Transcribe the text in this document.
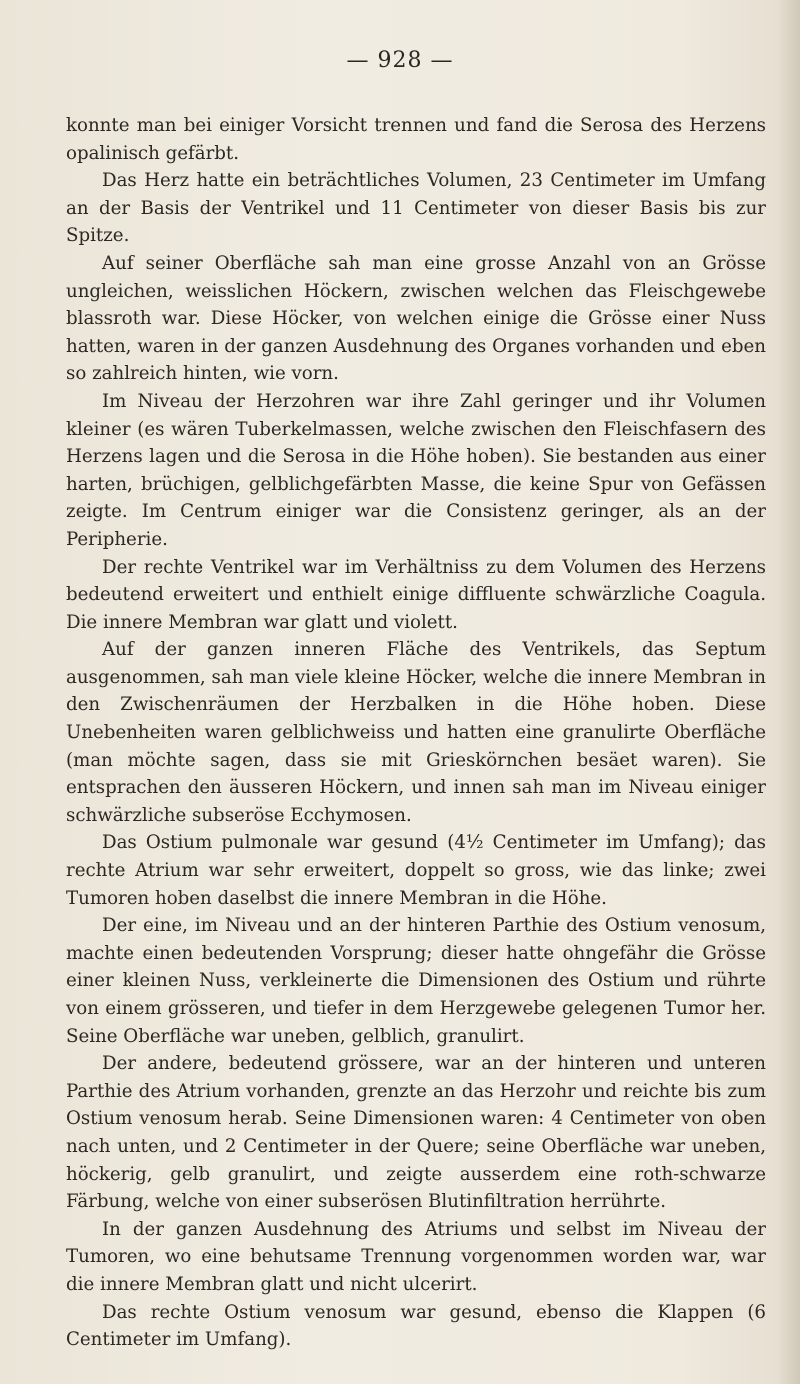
— 928 —

konnte man bei einiger Vorsicht trennen und fand die Serosa des Herzens opalinisch gefärbt.

Das Herz hatte ein beträchtliches Volumen, 23 Centimeter im Umfang an der Basis der Ventrikel und 11 Centimeter von dieser Basis bis zur Spitze.

Auf seiner Oberfläche sah man eine grosse Anzahl von an Grösse ungleichen, weisslichen Höckern, zwischen welchen das Fleischgewebe blassroth war. Diese Höcker, von welchen einige die Grösse einer Nuss hatten, waren in der ganzen Ausdehnung des Organes vorhanden und eben so zahlreich hinten, wie vorn.

Im Niveau der Herzohren war ihre Zahl geringer und ihr Volumen kleiner (es wären Tuberkelmassen, welche zwischen den Fleischfasern des Herzens lagen und die Serosa in die Höhe hoben). Sie bestanden aus einer harten, brüchigen, gelblichgefärbten Masse, die keine Spur von Gefässen zeigte. Im Centrum einiger war die Consistenz geringer, als an der Peripherie.

Der rechte Ventrikel war im Verhältniss zu dem Volumen des Herzens bedeutend erweitert und enthielt einige diffluente schwärzliche Coagula. Die innere Membran war glatt und violett.

Auf der ganzen inneren Fläche des Ventrikels, das Septum ausgenommen, sah man viele kleine Höcker, welche die innere Membran in den Zwischenräumen der Herzbalken in die Höhe hoben. Diese Unebenheiten waren gelblichweiss und hatten eine granulirte Oberfläche (man möchte sagen, dass sie mit Grieskörnchen besäet waren). Sie entsprachen den äusseren Höckern, und innen sah man im Niveau einiger schwärzliche subseröse Ecchymosen.

Das Ostium pulmonale war gesund (4½ Centimeter im Umfang); das rechte Atrium war sehr erweitert, doppelt so gross, wie das linke; zwei Tumoren hoben daselbst die innere Membran in die Höhe.

Der eine, im Niveau und an der hinteren Parthie des Ostium venosum, machte einen bedeutenden Vorsprung; dieser hatte ohngefähr die Grösse einer kleinen Nuss, verkleinerte die Dimensionen des Ostium und rührte von einem grösseren, und tiefer in dem Herzgewebe gelegenen Tumor her. Seine Oberfläche war uneben, gelblich, granulirt.

Der andere, bedeutend grössere, war an der hinteren und unteren Parthie des Atrium vorhanden, grenzte an das Herzohr und reichte bis zum Ostium venosum herab. Seine Dimensionen waren: 4 Centimeter von oben nach unten, und 2 Centimeter in der Quere; seine Oberfläche war uneben, höckerig, gelb granulirt, und zeigte ausserdem eine roth-schwarze Färbung, welche von einer subserösen Blutinfiltration herrührte.

In der ganzen Ausdehnung des Atriums und selbst im Niveau der Tumoren, wo eine behutsame Trennung vorgenommen worden war, war die innere Membran glatt und nicht ulcerirt.

Das rechte Ostium venosum war gesund, ebenso die Klappen (6 Centimeter im Umfang).
